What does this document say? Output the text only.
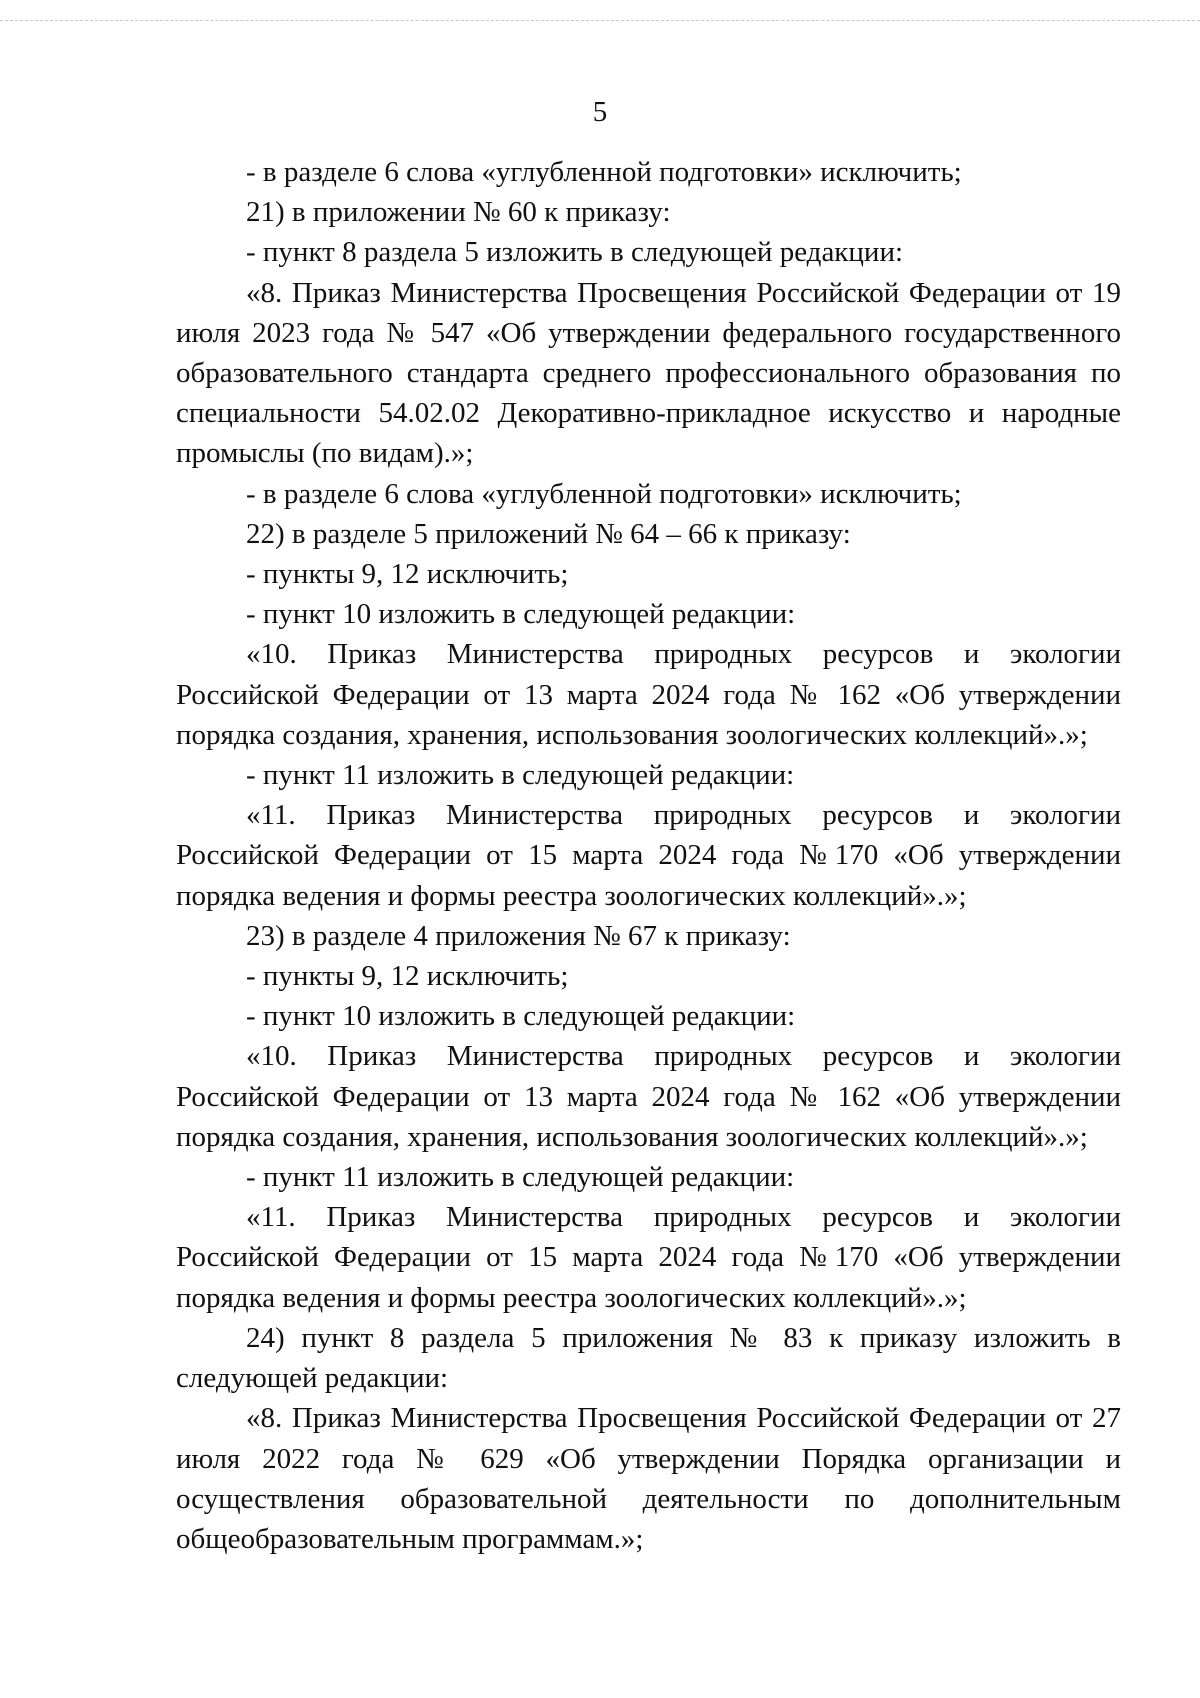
5

- в разделе 6 слова «углубленной подготовки» исключить;

21) в приложении № 60 к приказу:

- пункт 8 раздела 5 изложить в следующей редакции:

«8. Приказ Министерства Просвещения Российской Федерации от 19 июля 2023 года № 547 «Об утверждении федерального государственного образовательного стандарта среднего профессионального образования по специальности 54.02.02 Декоративно-прикладное искусство и народные промыслы (по видам).»;

- в разделе 6 слова «углубленной подготовки» исключить;

22) в разделе 5 приложений № 64 – 66 к приказу:

- пункты 9, 12 исключить;

- пункт 10 изложить в следующей редакции:

«10. Приказ Министерства природных ресурсов и экологии Российской Федерации от 13 марта 2024 года № 162 «Об утверждении порядка создания, хранения, использования зоологических коллекций».»;

- пункт 11 изложить в следующей редакции:

«11. Приказ Министерства природных ресурсов и экологии Российской Федерации от 15 марта 2024 года №170 «Об утверждении порядка ведения и формы реестра зоологических коллекций».»;

23) в разделе 4 приложения № 67 к приказу:

- пункты 9, 12 исключить;

- пункт 10 изложить в следующей редакции:

«10. Приказ Министерства природных ресурсов и экологии Российской Федерации от 13 марта 2024 года № 162 «Об утверждении порядка создания, хранения, использования зоологических коллекций».»;

- пункт 11 изложить в следующей редакции:

«11. Приказ Министерства природных ресурсов и экологии Российской Федерации от 15 марта 2024 года №170 «Об утверждении порядка ведения и формы реестра зоологических коллекций».»;

24) пункт 8 раздела 5 приложения № 83 к приказу изложить в следующей редакции:

«8. Приказ Министерства Просвещения Российской Федерации от 27 июля 2022 года № 629 «Об утверждении Порядка организации и осуществления образовательной деятельности по дополнительным общеобразовательным программам.»;
